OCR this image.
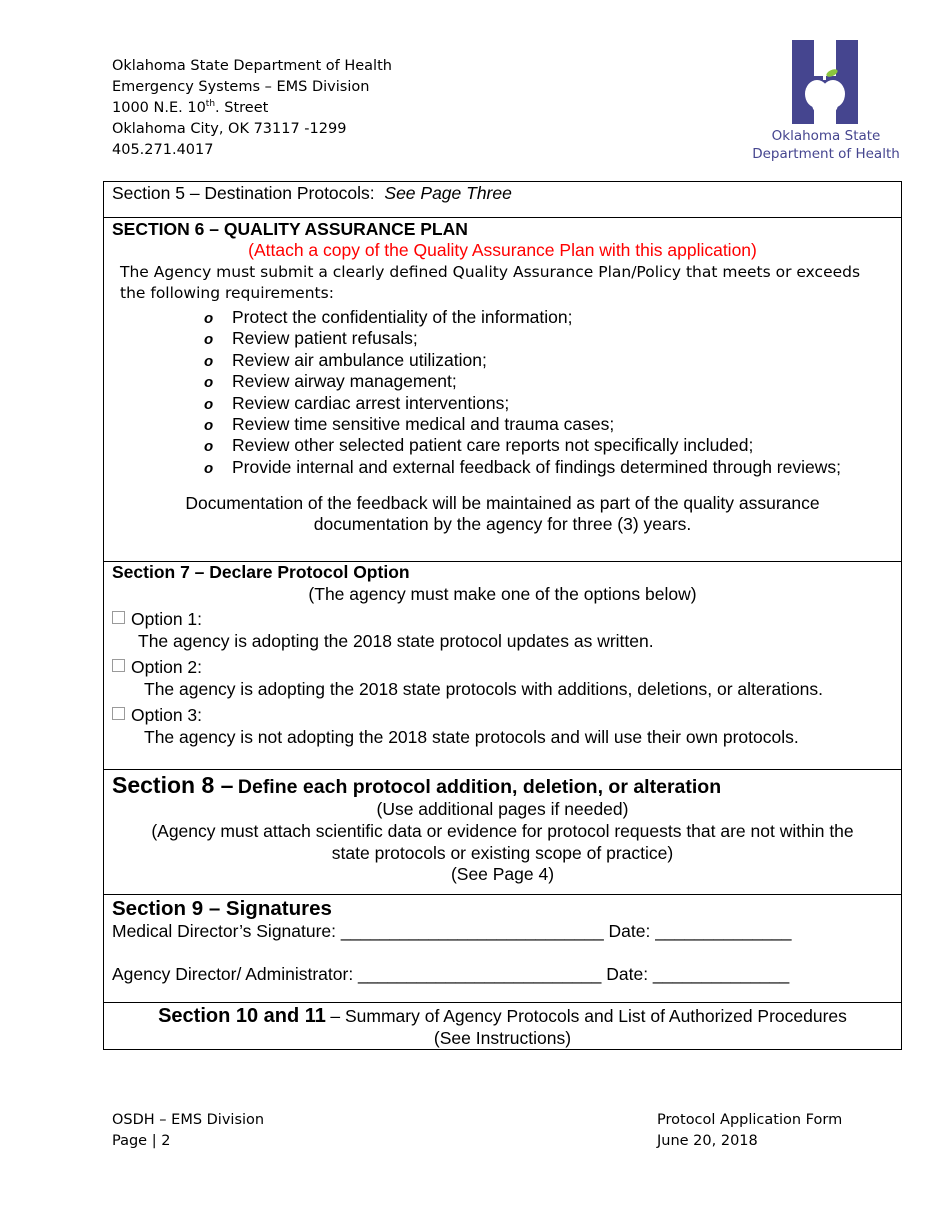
Oklahoma State Department of Health
Emergency Systems – EMS Division
1000 N.E. 10th. Street
Oklahoma City, OK 73117 -1299
405.271.4017
Oklahoma State
Department of Health
Section 5 – Destination Protocols: See Page Three
SECTION 6 – QUALITY ASSURANCE PLAN
(Attach a copy of the Quality Assurance Plan with this application)
The Agency must submit a clearly defined Quality Assurance Plan/Policy that meets or exceeds
the following requirements:
o Protect the confidentiality of the information;
o Review patient refusals;
o Review air ambulance utilization;
o Review airway management;
o Review cardiac arrest interventions;
o Review time sensitive medical and trauma cases;
o Review other selected patient care reports not specifically included;
o Provide internal and external feedback of findings determined through reviews;
Documentation of the feedback will be maintained as part of the quality assurance
documentation by the agency for three (3) years.
Section 7 – Declare Protocol Option
(The agency must make one of the options below)
Option 1:
The agency is adopting the 2018 state protocol updates as written.
Option 2:
The agency is adopting the 2018 state protocols with additions, deletions, or alterations.
Option 3:
The agency is not adopting the 2018 state protocols and will use their own protocols.
Section 8 – Define each protocol addition, deletion, or alteration
(Use additional pages if needed)
(Agency must attach scientific data or evidence for protocol requests that are not within the
state protocols or existing scope of practice)
(See Page 4)
Section 9 – Signatures
Medical Director’s Signature: ___________________________ Date: ______________
Agency Director/ Administrator: _________________________ Date: ______________
Section 10 and 11 – Summary of Agency Protocols and List of Authorized Procedures
(See Instructions)
OSDH – EMS Division
Page | 2
Protocol Application Form
June 20, 2018
